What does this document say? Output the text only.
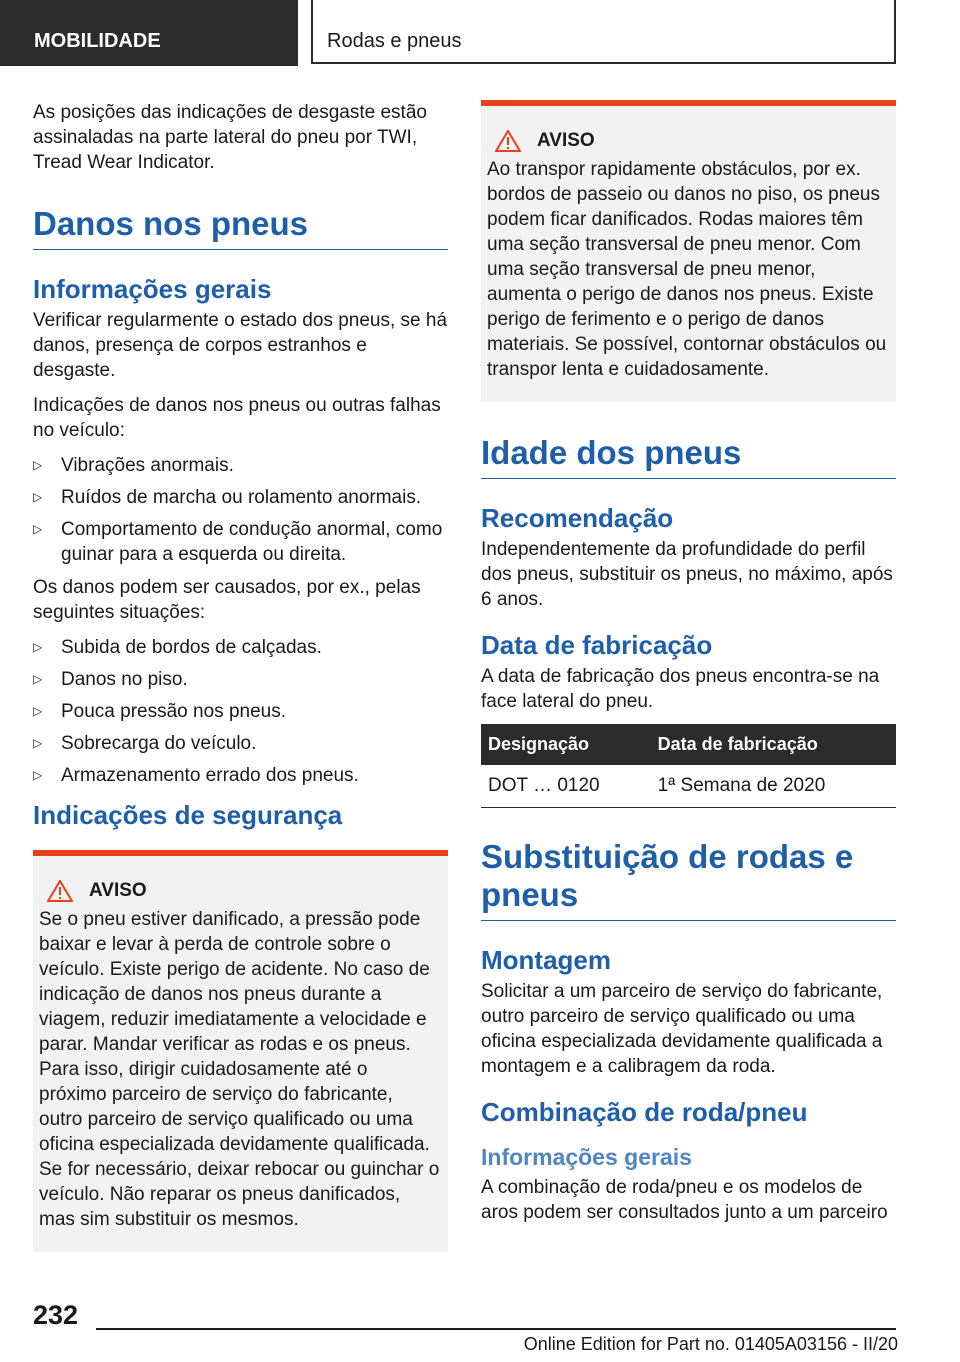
MOBILIDADE	Rodas e pneus

As posições das indicações de desgaste estão assinaladas na parte lateral do pneu por TWI, Tread Wear Indicator.

Danos nos pneus
Informações gerais

Verificar regularmente o estado dos pneus, se há danos, presença de corpos estranhos e desgaste.

Indicações de danos nos pneus ou outras falhas no veículo:

▷ Vibrações anormais.
▷ Ruídos de marcha ou rolamento anormais.
▷ Comportamento de condução anormal, como guinar para a esquerda ou direita.

Os danos podem ser causados, por ex., pelas seguintes situações:

▷ Subida de bordos de calçadas.
▷ Danos no piso.
▷ Pouca pressão nos pneus.
▷ Sobrecarga do veículo.
▷ Armazenamento errado dos pneus.
Indicações de segurança
AVISO

Se o pneu estiver danificado, a pressão pode baixar e levar à perda de controle sobre o veículo. Existe perigo de acidente. No caso de indicação de danos nos pneus durante a viagem, reduzir imediatamente a velocidade e parar. Mandar verificar as rodas e os pneus. Para isso, dirigir cuidadosamente até o próximo parceiro de serviço do fabricante, outro parceiro de serviço qualificado ou uma oficina especializada devidamente qualificada. Se for necessário, deixar rebocar ou guinchar o veículo. Não reparar os pneus danificados, mas sim substituir os mesmos.

AVISO

Ao transpor rapidamente obstáculos, por ex. bordos de passeio ou danos no piso, os pneus podem ficar danificados. Rodas maiores têm uma seção transversal de pneu menor. Com uma seção transversal de pneu menor, aumenta o perigo de danos nos pneus. Existe perigo de ferimento e o perigo de danos materiais. Se possível, contornar obstáculos ou transpor lenta e cuidadosamente.

Idade dos pneus
Recomendação

Independentemente da profundidade do perfil dos pneus, substituir os pneus, no máximo, após 6 anos.

Data de fabricação

A data de fabricação dos pneus encontra-se na face lateral do pneu.

Designação	Data de fabricação
DOT … 0120	1ª Semana de 2020
Substituição de rodas e pneus
Montagem

Solicitar a um parceiro de serviço do fabricante, outro parceiro de serviço qualificado ou uma oficina especializada devidamente qualificada a montagem e a calibragem da roda.

Combinação de roda/pneu
Informações gerais

A combinação de roda/pneu e os modelos de aros podem ser consultados junto a um parceiro

232
Online Edition for Part no. 01405A03156 - II/20
